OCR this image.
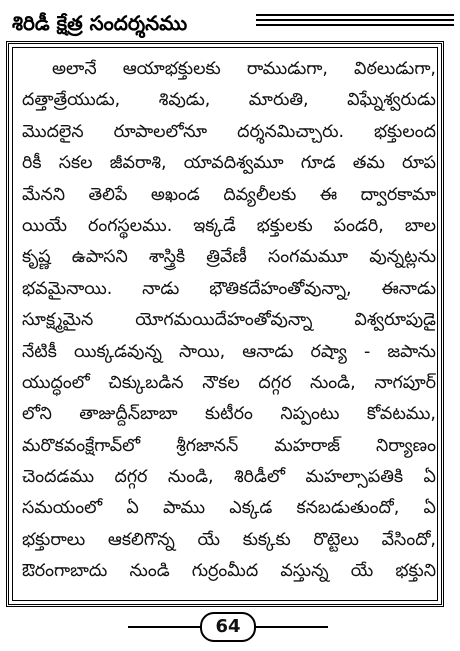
శిరిడీ క్షేత్ర సందర్శనము
అలానే ఆయాభక్తులకు రాముడుగా, విఠలుడుగా,
దత్తాత్రేయుడు, శివుడు, మారుతి, విఘ్నేశ్వరుడు
మొదలైన రూపాలలోనూ దర్శనమిచ్చారు. భక్తులంద
రికీ సకల జీవరాశి, యావదిశ్వమూ గూడ తమ రూప
మేనని తెలిపే అఖండ దివ్యలీలకు ఈ ద్వారకామా
యియే రంగస్థలము. ఇక్కడే భక్తులకు పండరి, బాల
కృష్ణ ఉపాసని శాస్త్రికి త్రివేణీ సంగమమూ వున్నట్లను
భవమైనాయి. నాడు భౌతికదేహంతోవున్నా, ఈనాడు
సూక్ష్మమైన యోగమయిదేహంతోవున్నా విశ్వరూపుడై
నేటికీ యిక్కడవున్న సాయి, ఆనాడు రష్యా - జపాను
యుద్ధంలో చిక్కుబడిన నౌకల దగ్గర నుండి, నాగపూర్
లోని తాజుద్దీన్‌బాబా కుటీరం నిప్పంటు కోవటము,
మరొకవంక్షేగావ్‌లో శ్రీగజానన్ మహరాజ్ నిర్యాణం
చెందడము దగ్గర నుండి, శిరిడీలో మహల్సాపతికి ఏ
సమయంలో ఏ పాము ఎక్కడ కనబడుతుందో, ఏ
భక్తురాలు ఆకలిగొన్న యే కుక్కకు రొట్టెలు వేసిందో,
ఔరంగాబాదు నుండి గుర్రంమీద వస్తున్న యే భక్తుని
64
